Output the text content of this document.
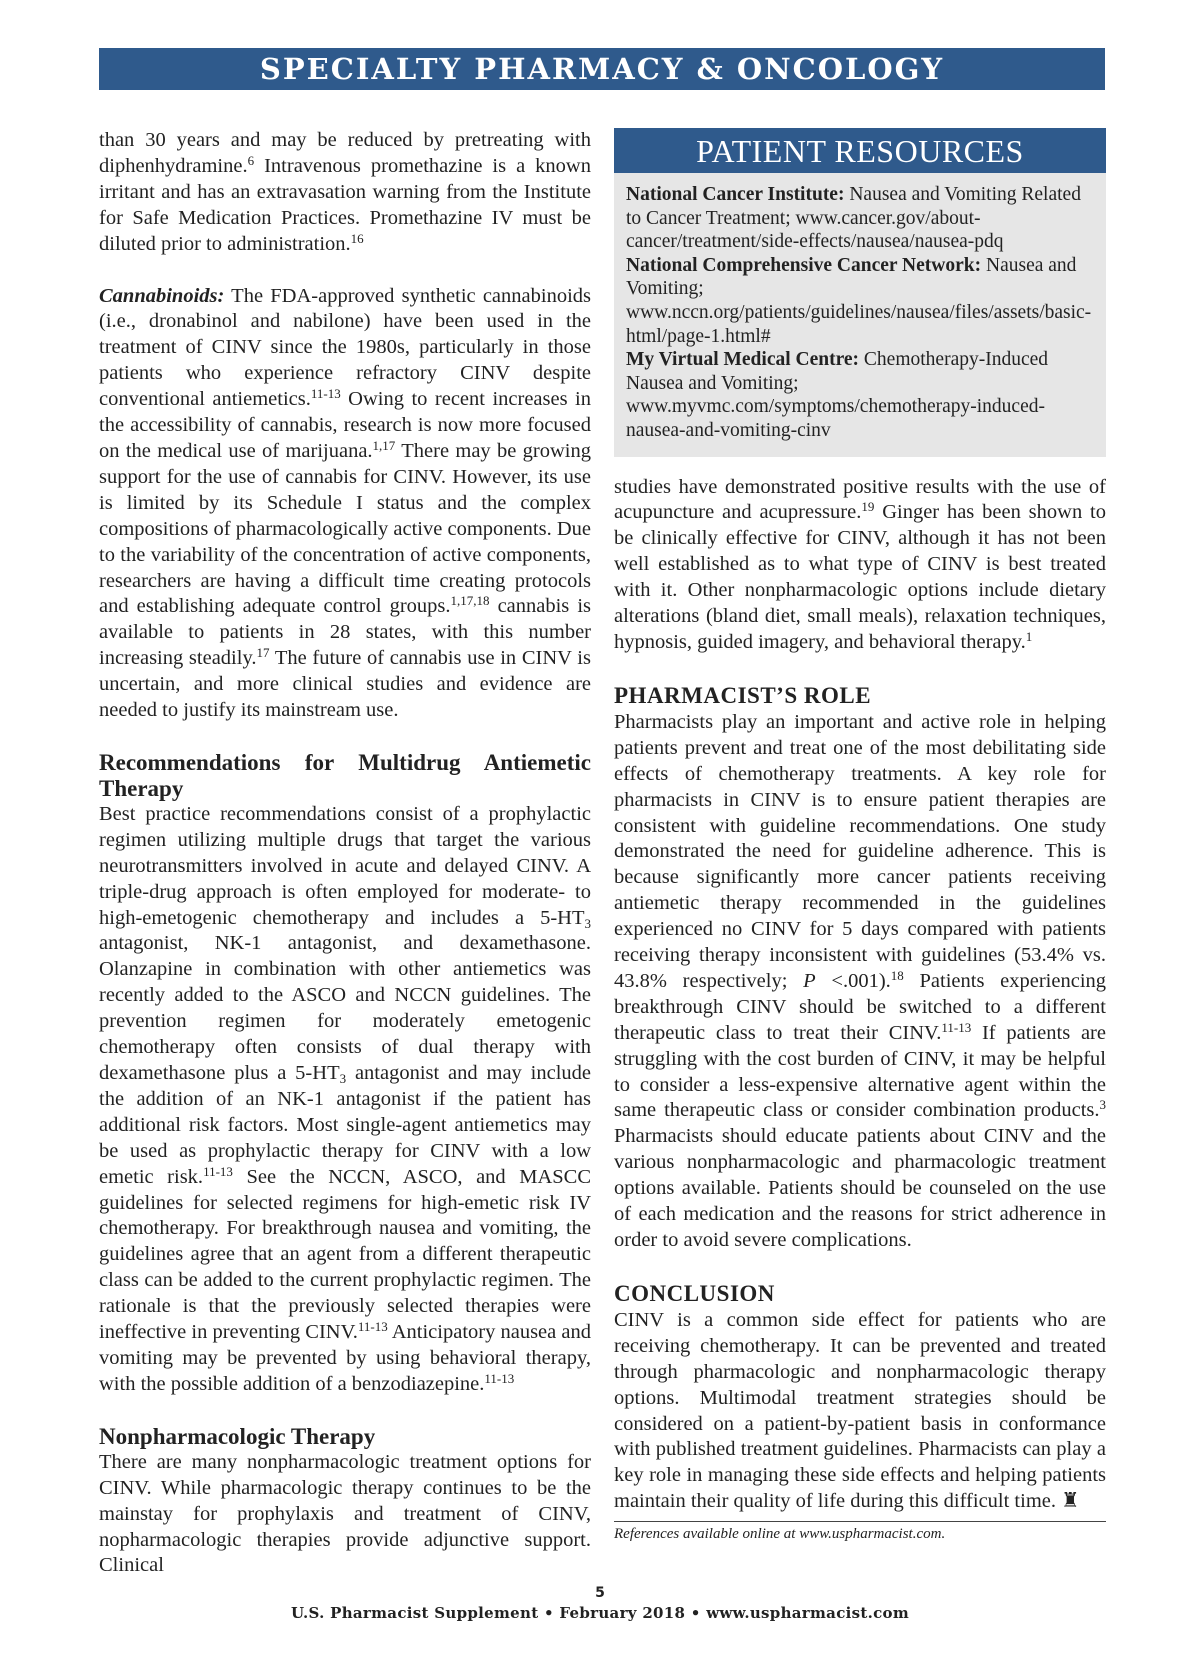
SPECIALTY PHARMACY & ONCOLOGY

than 30 years and may be reduced by pretreating with diphenhydramine.$^6$ Intravenous promethazine is a known irritant and has an extravasation warning from the Institute for Safe Medication Practices. Promethazine IV must be diluted prior to administration.$^{16}$

Cannabinoids: The FDA-approved synthetic cannabinoids (i.e., dronabinol and nabilone) have been used in the treatment of CINV since the 1980s, particularly in those patients who experience refractory CINV despite conventional antiemetics.$^{11-13}$ Owing to recent increases in the accessibility of cannabis, research is now more focused on the medical use of marijuana.$^{1,17}$ There may be growing support for the use of cannabis for CINV. However, its use is limited by its Schedule I status and the complex compositions of pharmacologically active components. Due to the variability of the concentration of active components, researchers are having a difficult time creating protocols and establishing adequate control groups.$^{1,17,18}$ cannabis is available to patients in 28 states, with this number increasing steadily.$^{17}$ The future of cannabis use in CINV is uncertain, and more clinical studies and evidence are needed to justify its mainstream use.

Recommendations for Multidrug Antiemetic Therapy

Best practice recommendations consist of a prophylactic regimen utilizing multiple drugs that target the various neurotransmitters involved in acute and delayed CINV. A triple-drug approach is often employed for moderate- to high-emetogenic chemotherapy and includes a $5-HT_3$ antagonist, NK-1 antagonist, and dexamethasone. Olanzapine in combination with other antiemetics was recently added to the ASCO and NCCN guidelines. The prevention regimen for moderately emetogenic chemotherapy often consists of dual therapy with dexamethasone plus a $5-HT_3$ antagonist and may include the addition of an NK-1 antagonist if the patient has additional risk factors. Most single-agent antiemetics may be used as prophylactic therapy for CINV with a low emetic risk.$^{11-13}$ See the NCCN, ASCO, and MASCC guidelines for selected regimens for high-emetic risk IV chemotherapy. For breakthrough nausea and vomiting, the guidelines agree that an agent from a different therapeutic class can be added to the current prophylactic regimen. The rationale is that the previously selected therapies were ineffective in preventing CINV.$^{11-13}$ Anticipatory nausea and vomiting may be prevented by using behavioral therapy, with the possible addition of a benzodiazepine.$^{11-13}$

Nonpharmacologic Therapy

There are many nonpharmacologic treatment options for CINV. While pharmacologic therapy continues to be the mainstay for prophylaxis and treatment of CINV, nopharmacologic therapies provide adjunctive support. Clinical

PATIENT RESOURCES

National Cancer Institute: Nausea and Vomiting Related to Cancer Treatment; www.cancer.gov/about-cancer/treatment/side-effects/nausea/nausea-pdq

National Comprehensive Cancer Network: Nausea and Vomiting; www.nccn.org/patients/guidelines/nausea/files/assets/basic-html/page-1.html#

My Virtual Medical Centre: Chemotherapy-Induced Nausea and Vomiting; www.myvmc.com/symptoms/chemotherapy-induced-nausea-and-vomiting-cinv

studies have demonstrated positive results with the use of acupuncture and acupressure.$^{19}$ Ginger has been shown to be clinically effective for CINV, although it has not been well established as to what type of CINV is best treated with it. Other nonpharmacologic options include dietary alterations (bland diet, small meals), relaxation techniques, hypnosis, guided imagery, and behavioral therapy.$^1$

PHARMACIST’S ROLE

Pharmacists play an important and active role in helping patients prevent and treat one of the most debilitating side effects of chemotherapy treatments. A key role for pharmacists in CINV is to ensure patient therapies are consistent with guideline recommendations. One study demonstrated the need for guideline adherence. This is because significantly more cancer patients receiving antiemetic therapy recommended in the guidelines experienced no CINV for 5 days compared with patients receiving therapy inconsistent with guidelines (53.4% vs. 43.8% respectively; P <.001).$^{18}$ Patients experiencing breakthrough CINV should be switched to a different therapeutic class to treat their CINV.$^{11-13}$ If patients are struggling with the cost burden of CINV, it may be helpful to consider a less-expensive alternative agent within the same therapeutic class or consider combination products.$^3$ Pharmacists should educate patients about CINV and the various nonpharmacologic and pharmacologic treatment options available. Patients should be counseled on the use of each medication and the reasons for strict adherence in order to avoid severe complications.

CONCLUSION

CINV is a common side effect for patients who are receiving chemotherapy. It can be prevented and treated through pharmacologic and nonpharmacologic therapy options. Multimodal treatment strategies should be considered on a patient-by-patient basis in conformance with published treatment guidelines. Pharmacists can play a key role in managing these side effects and helping patients maintain their quality of life during this difficult time. ♜

References available online at www.uspharmacist.com.
5
U.S. Pharmacist Supplement • February 2018 • www.uspharmacist.com
